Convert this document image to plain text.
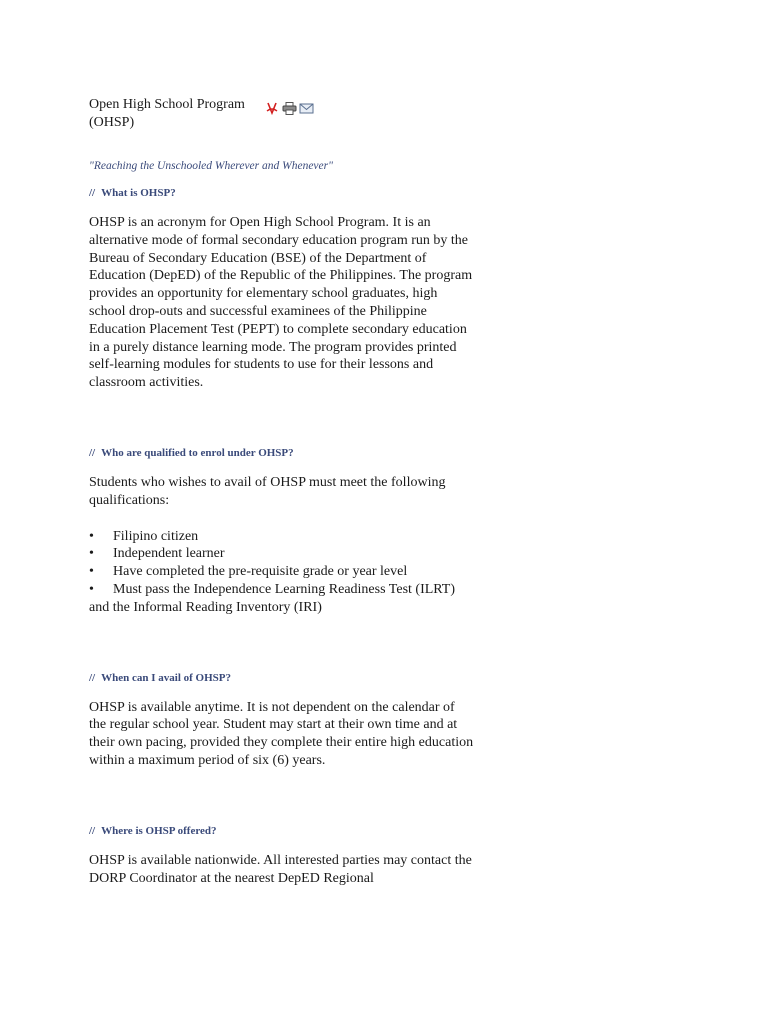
Open High School Program (OHSP)

"Reaching the Unschooled Wherever and Whenever"

// What is OHSP?

OHSP is an acronym for Open High School Program. It is an alternative mode of formal secondary education program run by the Bureau of Secondary Education (BSE) of the Department of Education (DepED) of the Republic of the Philippines. The program provides an opportunity for elementary school graduates, high school drop-outs and successful examinees of the Philippine Education Placement Test (PEPT) to complete secondary education in a purely distance learning mode. The program provides printed self-learning modules for students to use for their lessons and classroom activities.

// Who are qualified to enrol under OHSP?

Students who wishes to avail of OHSP must meet the following qualifications:

• Filipino citizen
• Independent learner
• Have completed the pre-requisite grade or year level
• Must pass the Independence Learning Readiness Test (ILRT) and the Informal Reading Inventory (IRI)
// When can I avail of OHSP?

OHSP is available anytime. It is not dependent on the calendar of the regular school year. Student may start at their own time and at their own pacing, provided they complete their entire high education within a maximum period of six (6) years.

// Where is OHSP offered?

OHSP is available nationwide. All interested parties may contact the DORP Coordinator at the nearest DepED Regional
